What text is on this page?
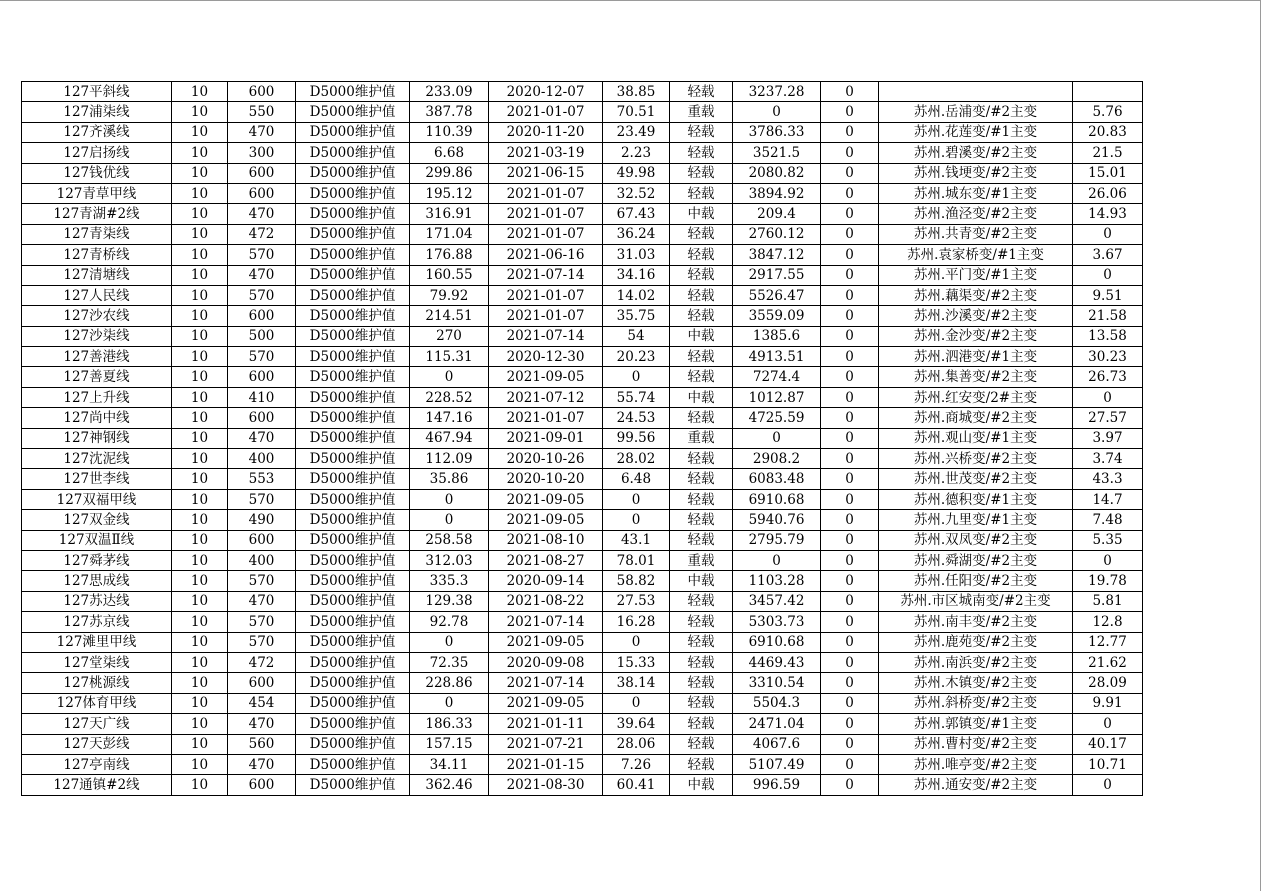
127平斜线	10	600	D5000维护值	233.09	2020-12-07	38.85	轻载	3237.28	0		
127浦柒线	10	550	D5000维护值	387.78	2021-01-07	70.51	重载	0	0	苏州.岳浦变/#2主变	5.76
127齐溪线	10	470	D5000维护值	110.39	2020-11-20	23.49	轻载	3786.33	0	苏州.花莲变/#1主变	20.83
127启扬线	10	300	D5000维护值	6.68	2021-03-19	2.23	轻载	3521.5	0	苏州.碧溪变/#2主变	21.5
127钱优线	10	600	D5000维护值	299.86	2021-06-15	49.98	轻载	2080.82	0	苏州.钱埂变/#2主变	15.01
127青草甲线	10	600	D5000维护值	195.12	2021-01-07	32.52	轻载	3894.92	0	苏州.城东变/#1主变	26.06
127青湖#2线	10	470	D5000维护值	316.91	2021-01-07	67.43	中载	209.4	0	苏州.渔泾变/#2主变	14.93
127青柒线	10	472	D5000维护值	171.04	2021-01-07	36.24	轻载	2760.12	0	苏州.共青变/#2主变	0
127青桥线	10	570	D5000维护值	176.88	2021-06-16	31.03	轻载	3847.12	0	苏州.袁家桥变/#1主变	3.67
127清塘线	10	470	D5000维护值	160.55	2021-07-14	34.16	轻载	2917.55	0	苏州.平门变/#1主变	0
127人民线	10	570	D5000维护值	79.92	2021-01-07	14.02	轻载	5526.47	0	苏州.藕渠变/#2主变	9.51
127沙农线	10	600	D5000维护值	214.51	2021-01-07	35.75	轻载	3559.09	0	苏州.沙溪变/#2主变	21.58
127沙柒线	10	500	D5000维护值	270	2021-07-14	54	中载	1385.6	0	苏州.金沙变/#2主变	13.58
127善港线	10	570	D5000维护值	115.31	2020-12-30	20.23	轻载	4913.51	0	苏州.泗港变/#1主变	30.23
127善夏线	10	600	D5000维护值	0	2021-09-05	0	轻载	7274.4	0	苏州.集善变/#2主变	26.73
127上升线	10	410	D5000维护值	228.52	2021-07-12	55.74	中载	1012.87	0	苏州.红安变/2#主变	0
127尚中线	10	600	D5000维护值	147.16	2021-01-07	24.53	轻载	4725.59	0	苏州.商城变/#2主变	27.57
127神钢线	10	470	D5000维护值	467.94	2021-09-01	99.56	重载	0	0	苏州.观山变/#1主变	3.97
127沈泥线	10	400	D5000维护值	112.09	2020-10-26	28.02	轻载	2908.2	0	苏州.兴桥变/#2主变	3.74
127世李线	10	553	D5000维护值	35.86	2020-10-20	6.48	轻载	6083.48	0	苏州.世茂变/#2主变	43.3
127双福甲线	10	570	D5000维护值	0	2021-09-05	0	轻载	6910.68	0	苏州.德积变/#1主变	14.7
127双金线	10	490	D5000维护值	0	2021-09-05	0	轻载	5940.76	0	苏州.九里变/#1主变	7.48
127双温Ⅱ线	10	600	D5000维护值	258.58	2021-08-10	43.1	轻载	2795.79	0	苏州.双凤变/#2主变	5.35
127舜茅线	10	400	D5000维护值	312.03	2021-08-27	78.01	重载	0	0	苏州.舜湖变/#2主变	0
127思成线	10	570	D5000维护值	335.3	2020-09-14	58.82	中载	1103.28	0	苏州.任阳变/#2主变	19.78
127苏达线	10	470	D5000维护值	129.38	2021-08-22	27.53	轻载	3457.42	0	苏州.市区城南变/#2主变	5.81
127苏京线	10	570	D5000维护值	92.78	2021-07-14	16.28	轻载	5303.73	0	苏州.南丰变/#2主变	12.8
127滩里甲线	10	570	D5000维护值	0	2021-09-05	0	轻载	6910.68	0	苏州.鹿苑变/#2主变	12.77
127堂柒线	10	472	D5000维护值	72.35	2020-09-08	15.33	轻载	4469.43	0	苏州.南浜变/#2主变	21.62
127桃源线	10	600	D5000维护值	228.86	2021-07-14	38.14	轻载	3310.54	0	苏州.木镇变/#2主变	28.09
127体育甲线	10	454	D5000维护值	0	2021-09-05	0	轻载	5504.3	0	苏州.斜桥变/#2主变	9.91
127天广线	10	470	D5000维护值	186.33	2021-01-11	39.64	轻载	2471.04	0	苏州.郭镇变/#1主变	0
127天彭线	10	560	D5000维护值	157.15	2021-07-21	28.06	轻载	4067.6	0	苏州.曹村变/#2主变	40.17
127亭南线	10	470	D5000维护值	34.11	2021-01-15	7.26	轻载	5107.49	0	苏州.唯亭变/#2主变	10.71
127通镇#2线	10	600	D5000维护值	362.46	2021-08-30	60.41	中载	996.59	0	苏州.通安变/#2主变	0
